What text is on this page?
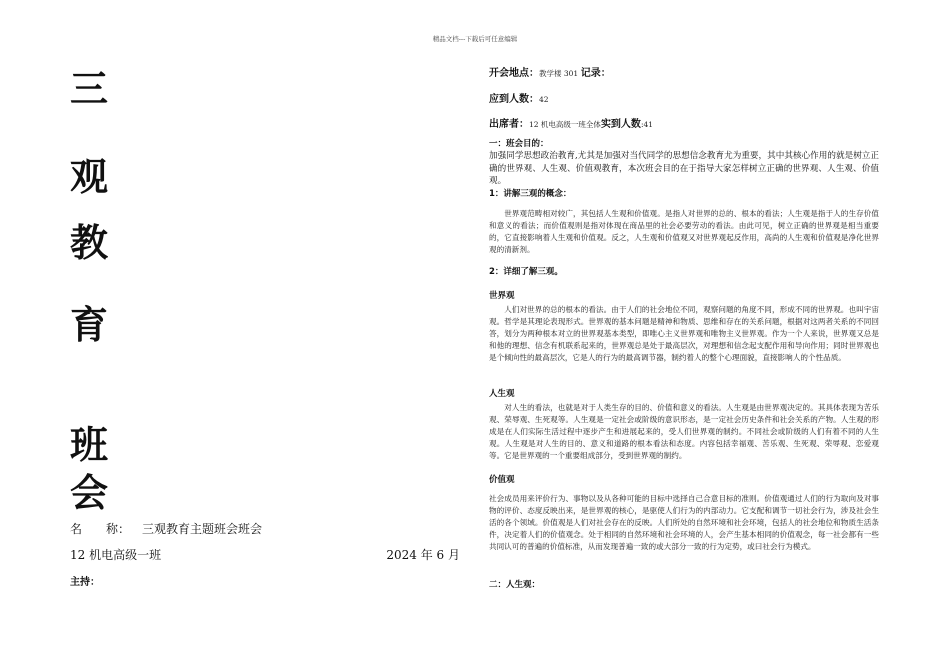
精品文档---下载后可任意编辑
三
观
教
育
班
会
名　　称： 三观教育主题班会班会
12 机电高级一班	2024 年 6 月
主持：
开会地点：教学楼 301 记录：
应到人数：42
出席者：12 机电高级一班全体实到人数:41
一：班会目的：
加强同学思想政治教育,尤其是加强对当代同学的思想信念教育尤为重要，其中其核心作用的就是树立正确的世界观、人生观、价值观教育，本次班会目的在于指导大家怎样树立正确的世界观、人生观、价值观。
1：讲解三观的概念：
世界观范畴相对较广，其包括人生观和价值观。是指人对世界的总的、根本的看法；人生观是指于人的生存价值和意义的看法；而价值观则是指对体现在商品里的社会必要劳动的看法。由此可见，树立正确的世界观是相当重要的，它直接影响着人生观和价值观。反之，人生观和价值观又对世界观起反作用，高尚的人生观和价值观是净化世界观的清新剂。
2：详细了解三观。
世界观
人们对世界的总的根本的看法。由于人们的社会地位不同，观察问题的角度不同，形成不同的世界观。也叫宇宙观。哲学是其理论表现形式。世界观的基本问题是精神和物质、思维和存在的关系问题，根据对这两者关系的不同回答，划分为两种根本对立的世界观基本类型，即唯心主义世界观和唯物主义世界观。作为一个人来说，世界观又总是和他的理想、信念有机联系起来的，世界观总是处于最高层次，对理想和信念起支配作用和导向作用；同时世界观也是个倾向性的最高层次，它是人的行为的最高调节器，制约着人的整个心理面貌，直接影响人的个性品质。
人生观
对人生的看法，也就是对于人类生存的目的、价值和意义的看法。人生观是由世界观决定的。其具体表现为苦乐观、荣辱观、生死观等。人生观是一定社会或阶级的意识形态，是一定社会历史条件和社会关系的产物。人生观的形成是在人们实际生活过程中逐步产生和进展起来的，受人们世界观的制约。不同社会或阶级的人们有着不同的人生观。人生观是对人生的目的、意义和道路的根本看法和态度。内容包括幸福观、苦乐观、生死观、荣辱观、恋爱观等。它是世界观的一个重要组成部分，受到世界观的制约。
价值观
社会成员用来评价行为、事物以及从各种可能的目标中选择自己合意目标的准则。价值观通过人们的行为取向及对事物的评价、态度反映出来，是世界观的核心，是驱使人们行为的内部动力。它支配和调节一切社会行为，涉及社会生活的各个领域。价值观是人们对社会存在的反映。人们所处的自然环境和社会环境，包括人的社会地位和物质生活条件，决定着人们的价值观念。处于相同的自然环境和社会环境的人，会产生基本相同的价值观念，每一社会都有一些共同认可的普遍的价值标准，从而发现普遍一致的或大部分一致的行为定势，或曰社会行为模式。
二：人生观：
